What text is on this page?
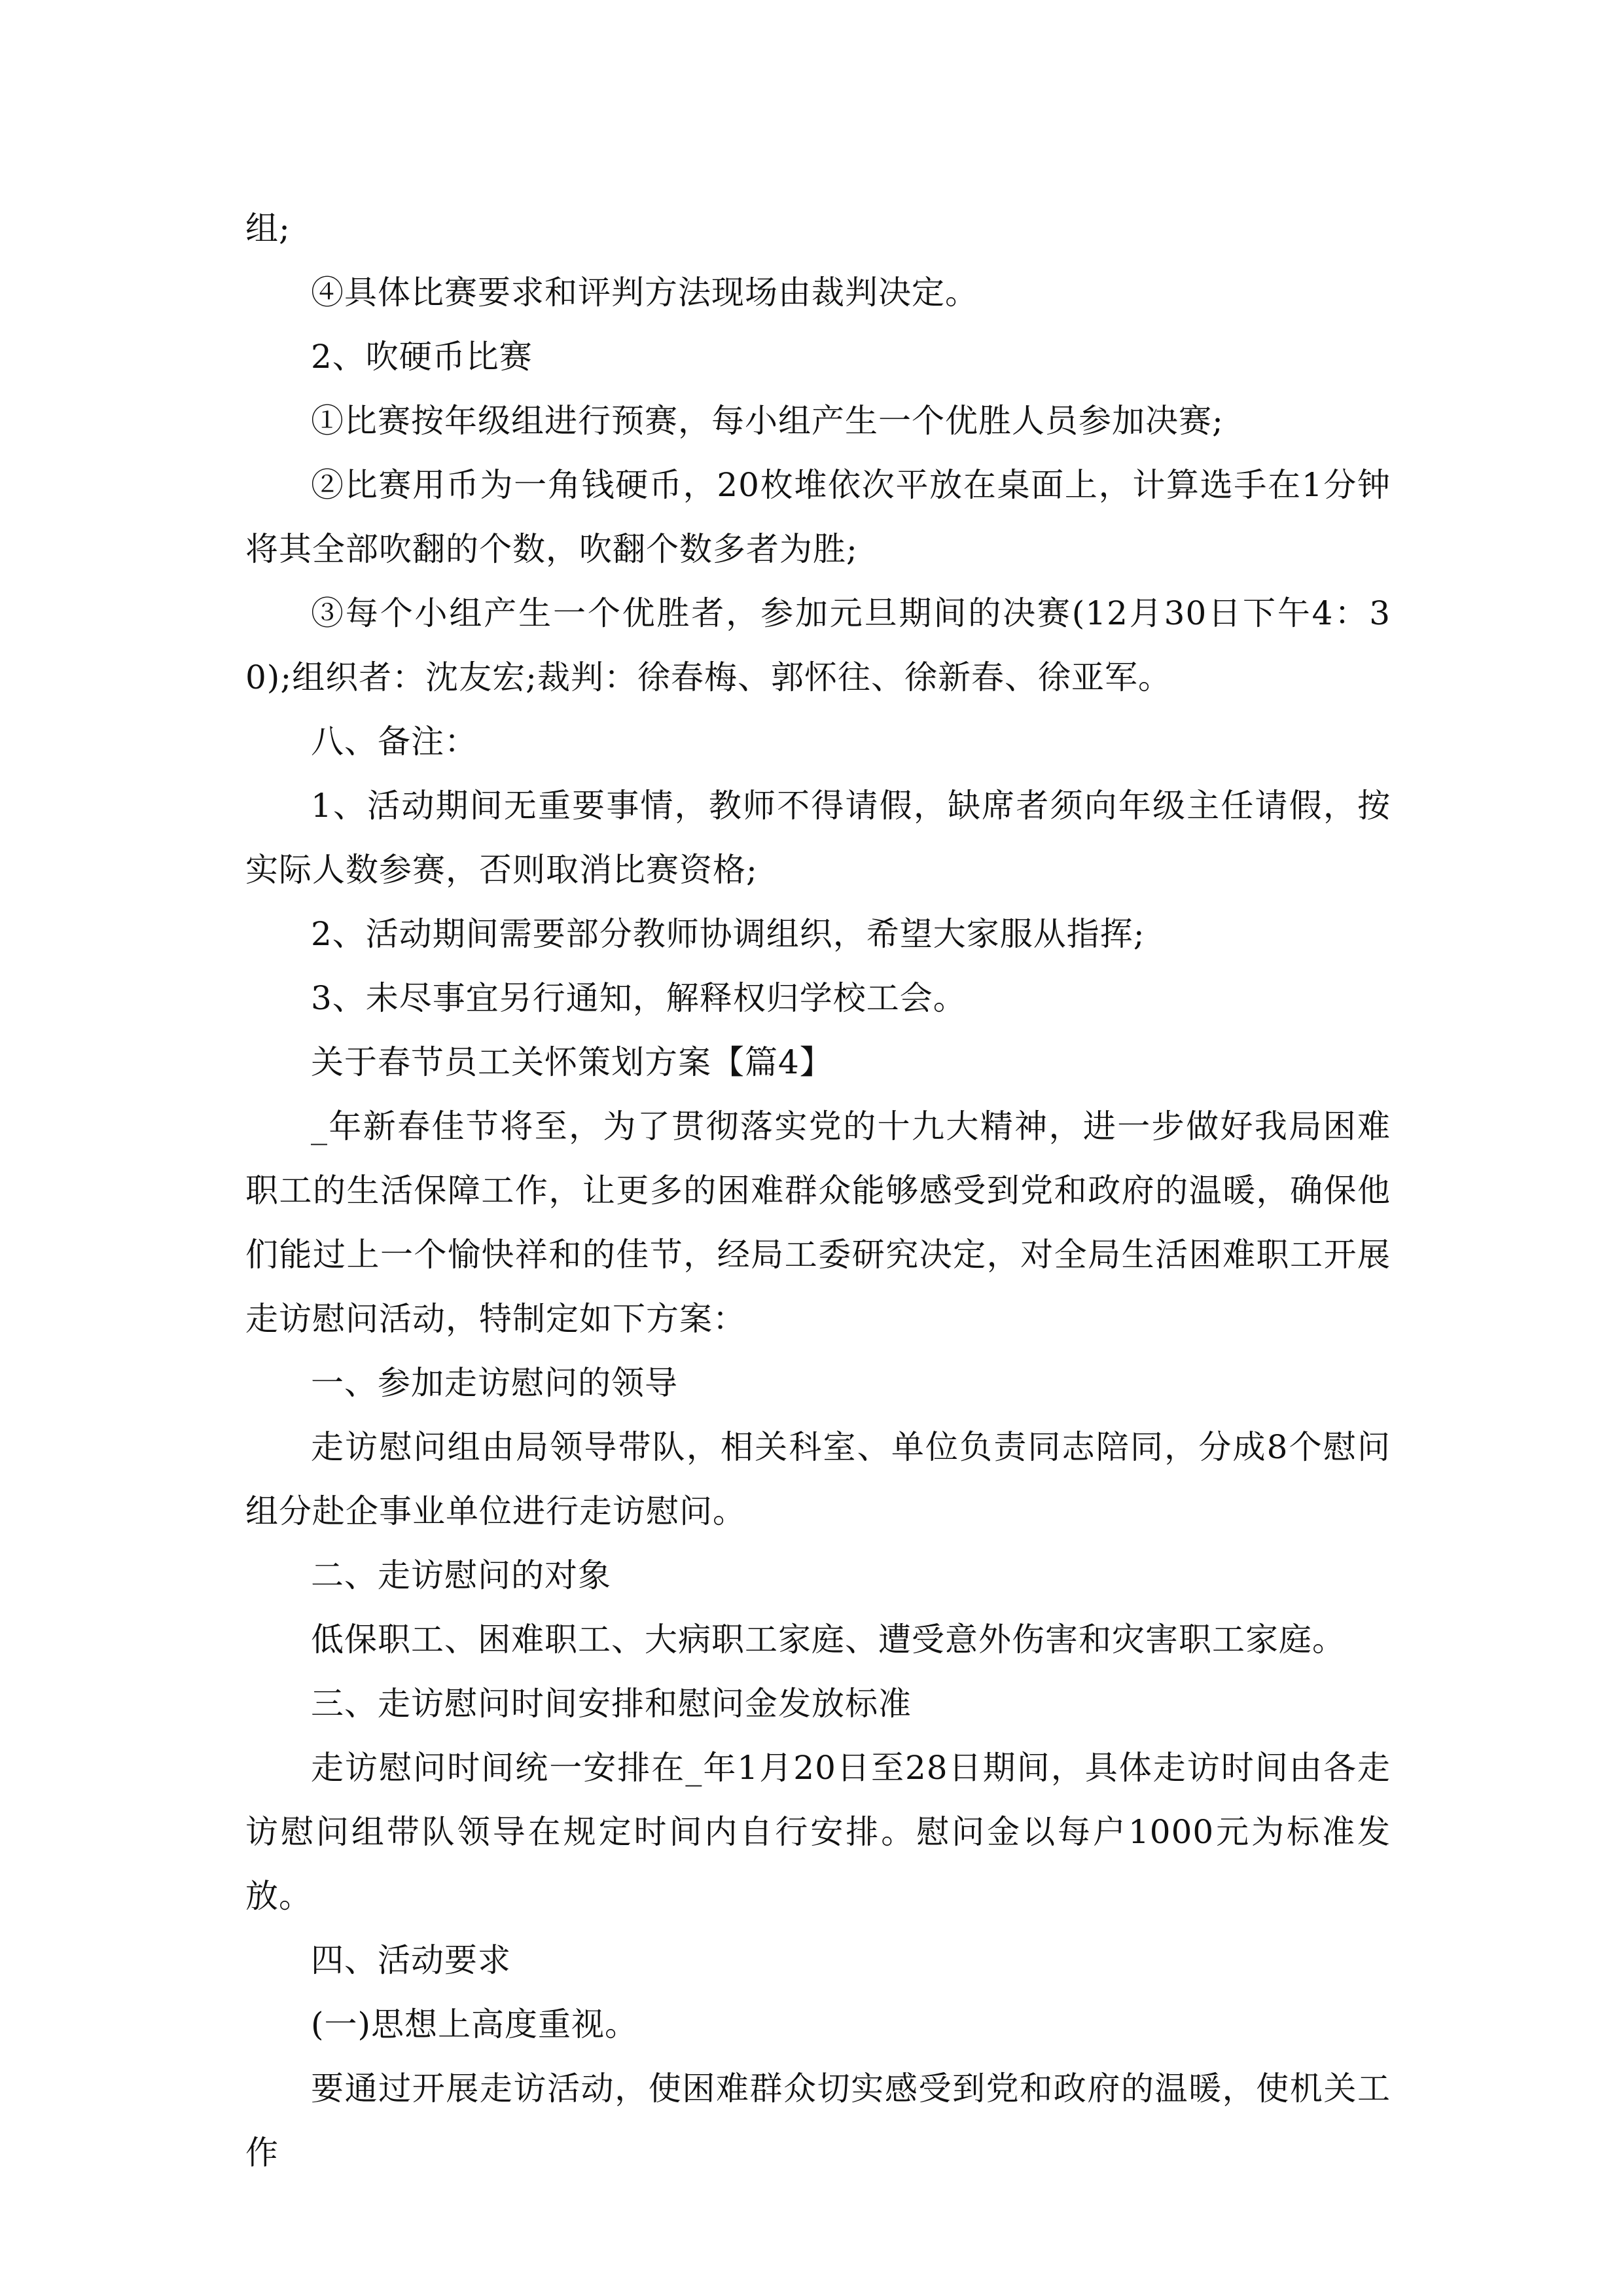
组;

④具体比赛要求和评判方法现场由裁判决定。

2、吹硬币比赛

①比赛按年级组进行预赛，每小组产生一个优胜人员参加决赛;

②比赛用币为一角钱硬币，20枚堆依次平放在桌面上，计算选手在1分钟将其全部吹翻的个数，吹翻个数多者为胜;

③每个小组产生一个优胜者，参加元旦期间的决赛(12月30日下午4：30);组织者：沈友宏;裁判：徐春梅、郭怀往、徐新春、徐亚军。

八、备注：

1、活动期间无重要事情，教师不得请假，缺席者须向年级主任请假，按实际人数参赛，否则取消比赛资格;

2、活动期间需要部分教师协调组织，希望大家服从指挥;

3、未尽事宜另行通知，解释权归学校工会。

关于春节员工关怀策划方案【篇4】

_年新春佳节将至，为了贯彻落实党的十九大精神，进一步做好我局困难职工的生活保障工作，让更多的困难群众能够感受到党和政府的温暖，确保他们能过上一个愉快祥和的佳节，经局工委研究决定，对全局生活困难职工开展走访慰问活动，特制定如下方案：

一、参加走访慰问的领导

走访慰问组由局领导带队，相关科室、单位负责同志陪同，分成8个慰问组分赴企事业单位进行走访慰问。

二、走访慰问的对象

低保职工、困难职工、大病职工家庭、遭受意外伤害和灾害职工家庭。

三、走访慰问时间安排和慰问金发放标准

走访慰问时间统一安排在_年1月20日至28日期间，具体走访时间由各走访慰问组带队领导在规定时间内自行安排。慰问金以每户1000元为标准发放。

四、活动要求

(一)思想上高度重视。

要通过开展走访活动，使困难群众切实感受到党和政府的温暖，使机关工作
